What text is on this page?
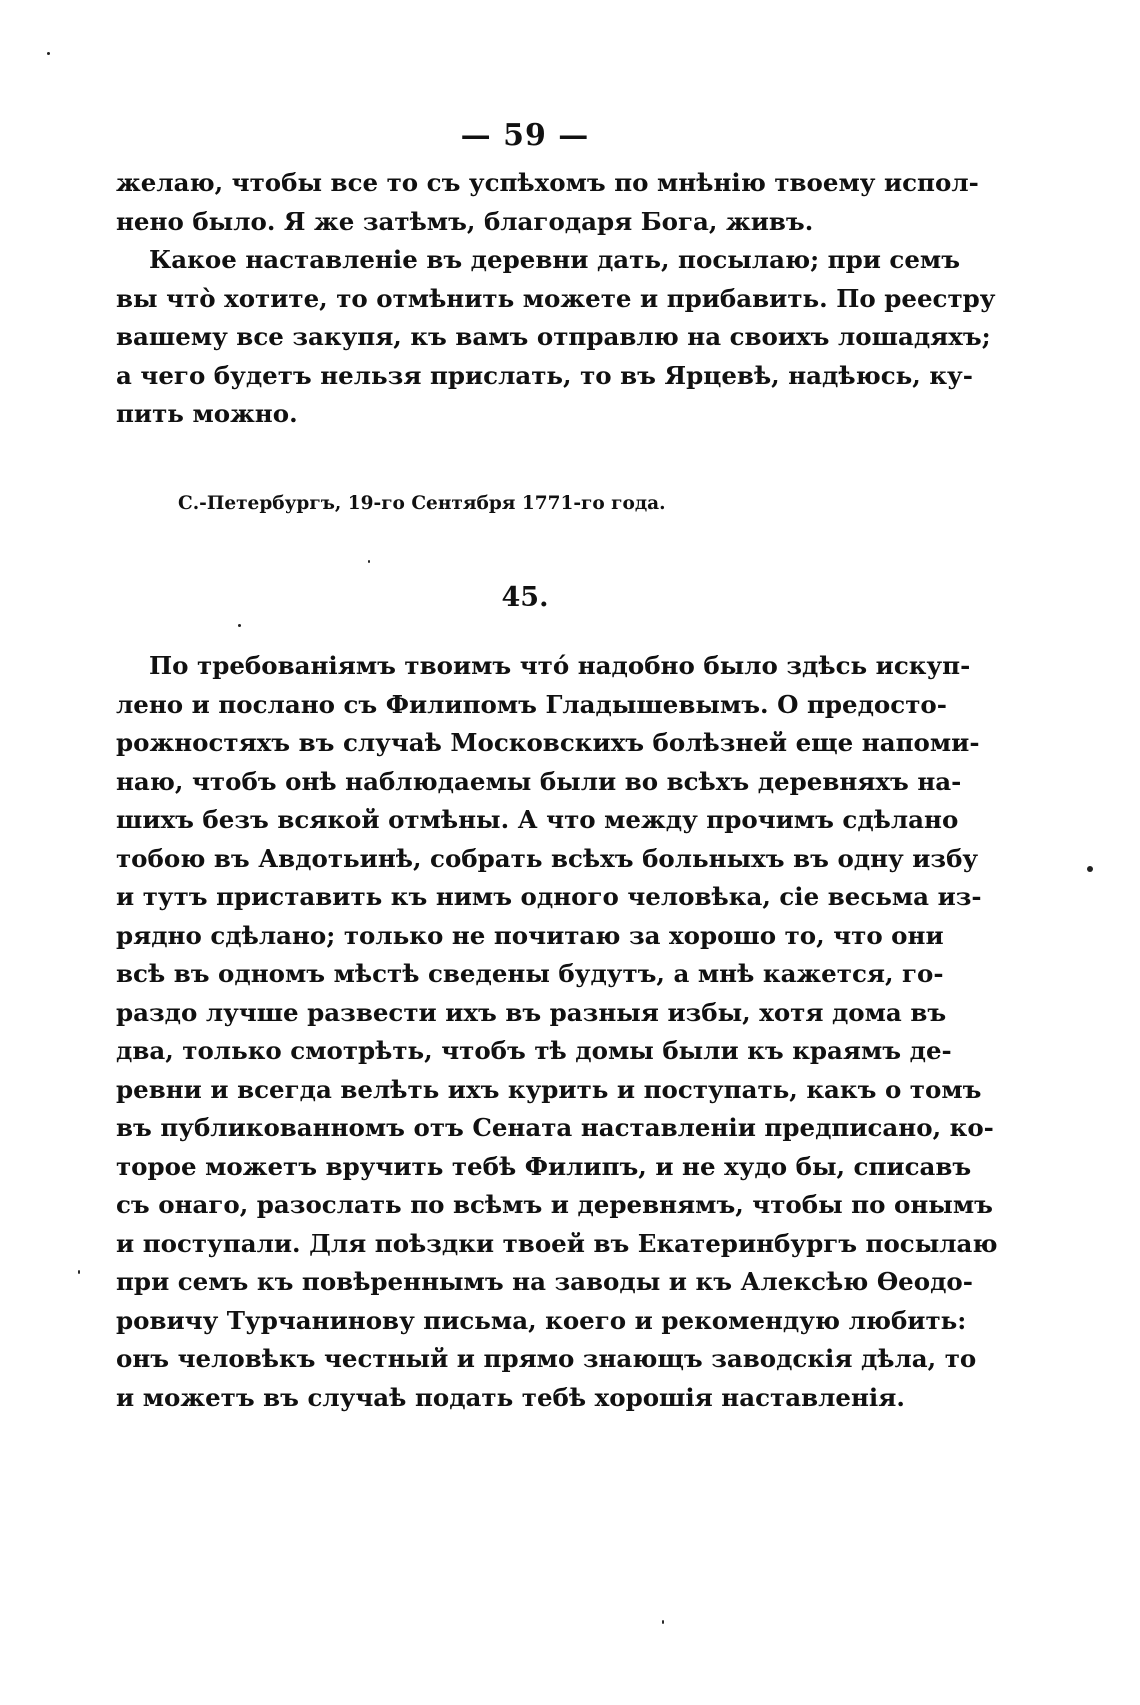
— 59 —
желаю, чтобы все то съ успѣхомъ по мнѣнію твоему испол-
нено было. Я же затѣмъ, благодаря Бога, живъ.
Какое наставленіе въ деревни дать, посылаю; при семъ
вы чтò хотите, то отмѣнить можете и прибавить. По реестру
вашему все закупя, къ вамъ отправлю на своихъ лошадяхъ;
а чего будетъ нельзя прислать, то въ Ярцевѣ, надѣюсь, ку-
пить можно.
С.-Петербургъ, 19-го Сентября 1771-го года.
45.
По требованіямъ твоимъ чтó надобно было здѣсь искуп-
лено и послано съ Филипомъ Гладышевымъ. О предосто-
рожностяхъ въ случаѣ Московскихъ болѣзней еще напоми-
наю, чтобъ онѣ наблюдаемы были во всѣхъ деревняхъ на-
шихъ безъ всякой отмѣны. А что между прочимъ сдѣлано
тобою въ Авдотьинѣ, собрать всѣхъ больныхъ въ одну избу
и тутъ приставить къ нимъ одного человѣка, сіе весьма из-
рядно сдѣлано; только не почитаю за хорошо то, что они
всѣ въ одномъ мѣстѣ сведены будутъ, а мнѣ кажется, го-
раздо лучше развести ихъ въ разныя избы, хотя дома въ
два, только смотрѣть, чтобъ тѣ домы были къ краямъ де-
ревни и всегда велѣть ихъ курить и поступать, какъ о томъ
въ публикованномъ отъ Сената наставленіи предписано, ко-
торое можетъ вручить тебѣ Филипъ, и не худо бы, списавъ
съ онаго, разослать по всѣмъ и деревнямъ, чтобы по онымъ
и поступали. Для поѣздки твоей въ Екатеринбургъ посылаю
при семъ къ повѣреннымъ на заводы и къ Алексѣю Ѳеодо-
ровичу Турчанинову письма, коего и рекомендую любить:
онъ человѣкъ честный и прямо знающъ заводскія дѣла, то
и можетъ въ случаѣ подать тебѣ хорошія наставленія.
